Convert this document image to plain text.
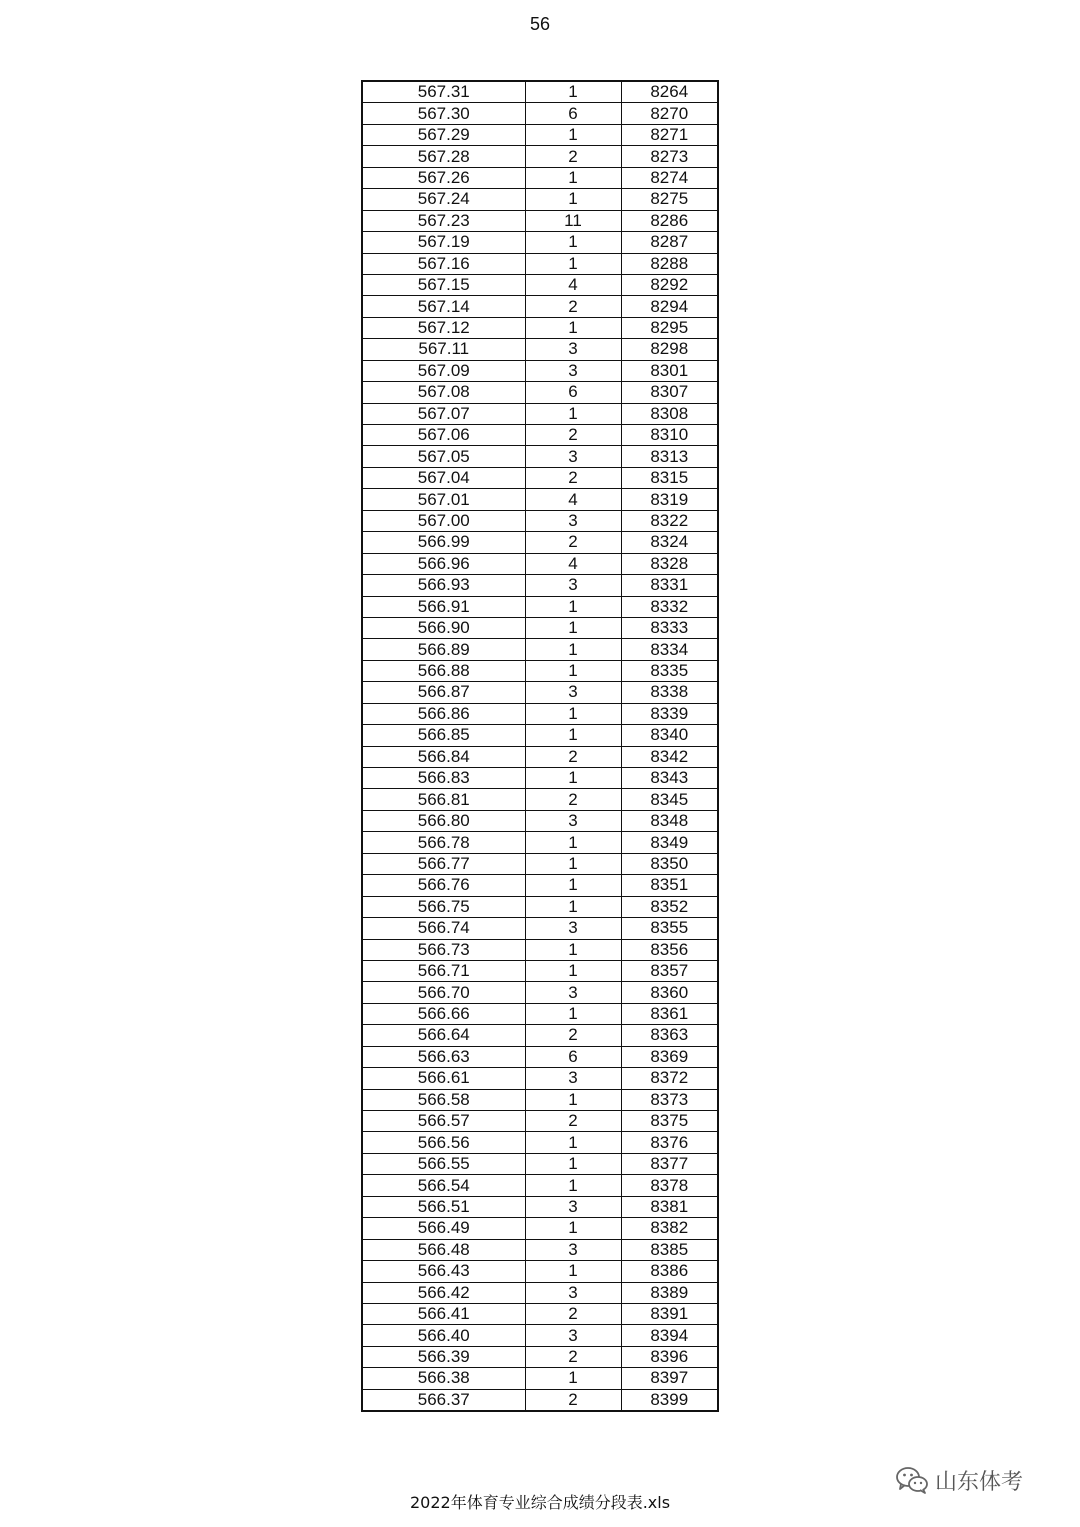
56
567.31	1	8264
567.30	6	8270
567.29	1	8271
567.28	2	8273
567.26	1	8274
567.24	1	8275
567.23	11	8286
567.19	1	8287
567.16	1	8288
567.15	4	8292
567.14	2	8294
567.12	1	8295
567.11	3	8298
567.09	3	8301
567.08	6	8307
567.07	1	8308
567.06	2	8310
567.05	3	8313
567.04	2	8315
567.01	4	8319
567.00	3	8322
566.99	2	8324
566.96	4	8328
566.93	3	8331
566.91	1	8332
566.90	1	8333
566.89	1	8334
566.88	1	8335
566.87	3	8338
566.86	1	8339
566.85	1	8340
566.84	2	8342
566.83	1	8343
566.81	2	8345
566.80	3	8348
566.78	1	8349
566.77	1	8350
566.76	1	8351
566.75	1	8352
566.74	3	8355
566.73	1	8356
566.71	1	8357
566.70	3	8360
566.66	1	8361
566.64	2	8363
566.63	6	8369
566.61	3	8372
566.58	1	8373
566.57	2	8375
566.56	1	8376
566.55	1	8377
566.54	1	8378
566.51	3	8381
566.49	1	8382
566.48	3	8385
566.43	1	8386
566.42	3	8389
566.41	2	8391
566.40	3	8394
566.39	2	8396
566.38	1	8397
566.37	2	8399
山东体考
2022年体育专业综合成绩分段表.xls
